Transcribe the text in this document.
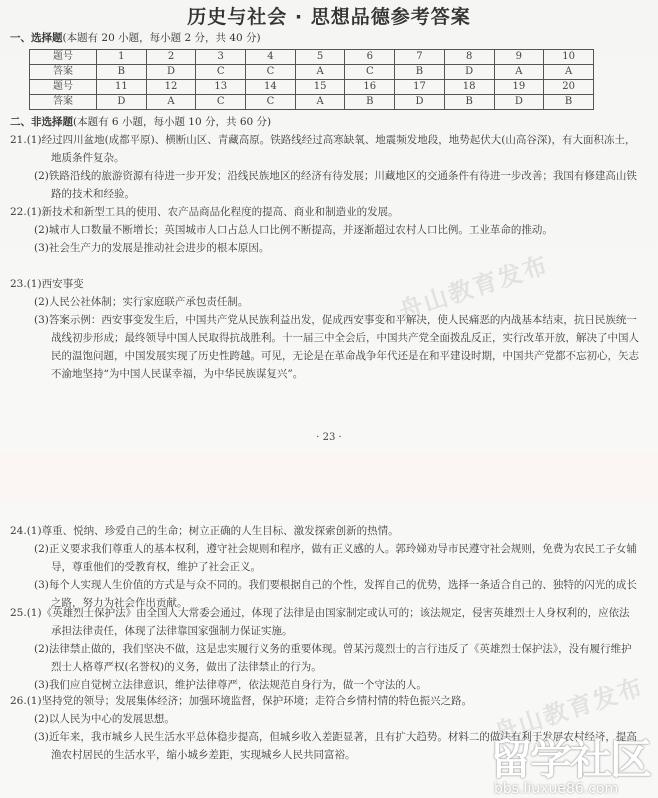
历史与社会 · 思想品德参考答案
一、选择题(本题有 20 小题，每小题 2 分，共 40 分)
题号	1	2	3	4	5	6	7	8	9	10
答案	B	D	C	C	A	C	B	D	A	A
题号	11	12	13	14	15	16	17	18	19	20
答案	D	A	C	C	A	B	D	B	D	B
二、非选择题(本题有 6 小题，每小题 10 分，共 60 分)
21.(1)经过四川盆地(成都平原)、横断山区、青藏高原。铁路线经过高寒缺氧、地震频发地段，地势起伏大(山高谷深)，有大面积冻土，地质条件复杂。
(2)铁路沿线的旅游资源有待进一步开发；沿线民族地区的经济有待发展；川藏地区的交通条件有待进一步改善；我国有修建高山铁路的技术和经验。
22.(1)新技术和新型工具的使用、农产品商品化程度的提高、商业和制造业的发展。
(2)城市人口数量不断增长；英国城市人口占总人口比例不断提高，并逐渐超过农村人口比例。工业革命的推动。
(3)社会生产力的发展是推动社会进步的根本原因。
23.(1)西安事变
(2)人民公社体制；实行家庭联产承包责任制。
(3)答案示例：西安事变发生后，中国共产党从民族利益出发，促成西安事变和平解决，使人民痛恶的内战基本结束，抗日民族统一战线初步形成；最终领导中国人民取得抗战胜利。十一届三中全会后，中国共产党全面拨乱反正，实行改革开放，解决了中国人民的温饱问题，中国发展实现了历史性跨越。可见，无论是在革命战争年代还是在和平建设时期，中国共产党都不忘初心，矢志不渝地坚持“为中国人民谋幸福，为中华民族谋复兴”。
· 23 ·
24.(1)尊重、悦纳、珍爱自己的生命；树立正确的人生目标、激发探索创新的热情。
(2)正义要求我们尊重人的基本权利，遵守社会规则和程序，做有正义感的人。郭玲娣劝导市民遵守社会规则，免费为农民工子女辅导，尊重他们的受教育权，维护了社会正义。
(3)每个人实现人生价值的方式是与众不同的。我们要根据自己的个性，发挥自己的优势，选择一条适合自己的、独特的闪光的成长之路，努力为社会作出贡献。
25.(1)《英雄烈士保护法》由全国人大常委会通过，体现了法律是由国家制定或认可的；该法规定，侵害英雄烈士人身权利的，应依法承担法律责任，体现了法律靠国家强制力保证实施。
(2)法律禁止做的，我们坚决不做，这是忠实履行义务的重要体现。曾某污蔑烈士的言行违反了《英雄烈士保护法》，没有履行维护烈士人格尊严权(名誉权)的义务，做出了法律禁止的行为。
(3)我们应自觉树立法律意识，维护法律尊严，依法规范自身行为，做一个守法的人。
26.(1)坚持党的领导；发展集体经济；加强环境监督，保护环境；走符合乡情村情的特色振兴之路。
(2)以人民为中心的发展思想。
(3)近年来，我市城乡人民生活水平总体稳步提高，但城乡收入差距显著，且有扩大趋势。材料二的做法有利于发展农村经济，提高渔农村居民的生活水平，缩小城乡差距，实现城乡人民共同富裕。
舟山教育发布
舟山教育发布
留学社区
bbs.liuxue86.com
